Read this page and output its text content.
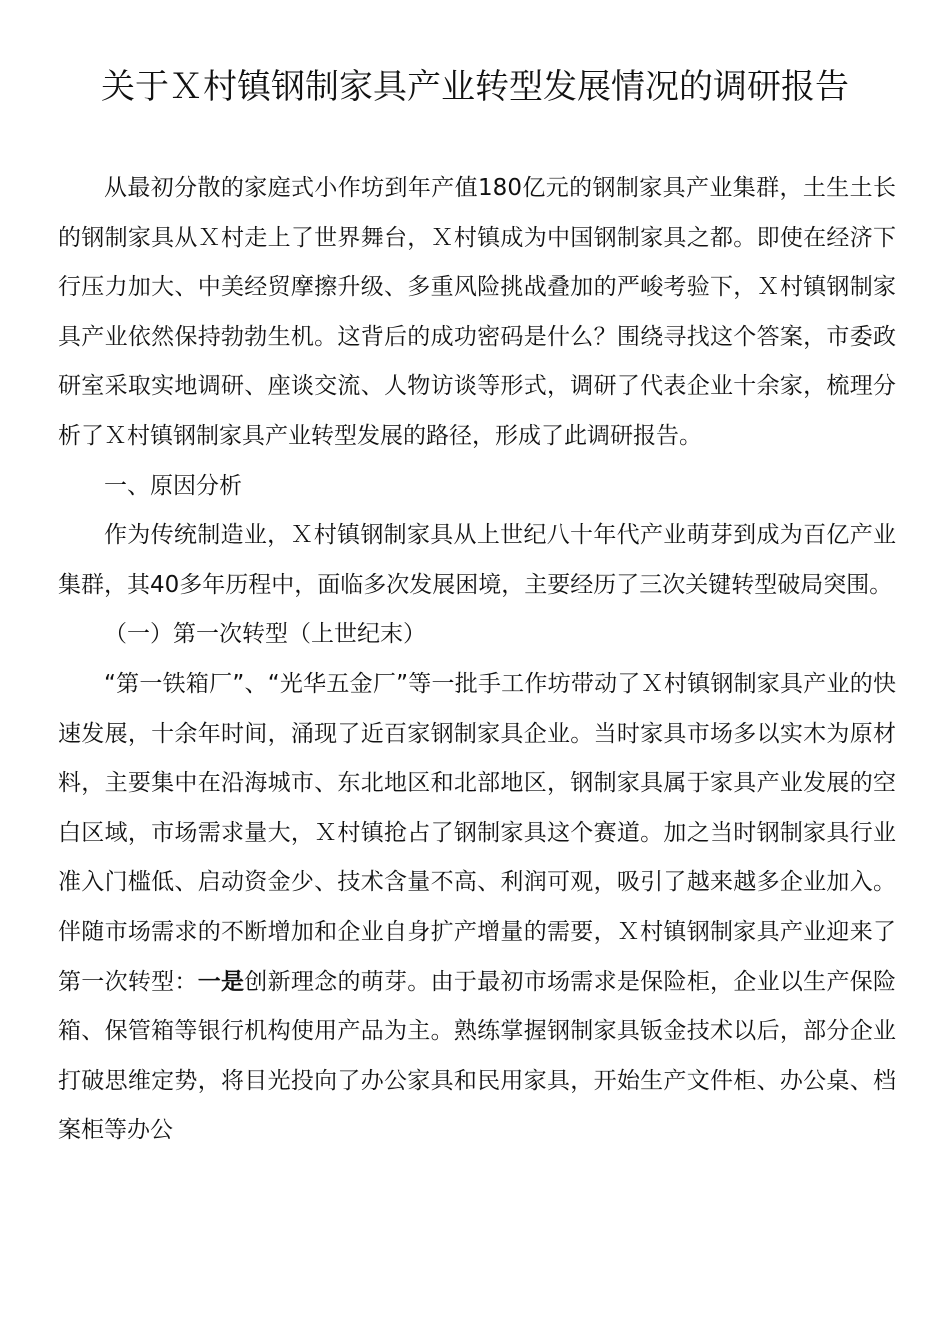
关于Ｘ村镇钢制家具产业转型发展情况的调研报告

从最初分散的家庭式小作坊到年产值180亿元的钢制家具产业集群，土生土长的钢制家具从Ｘ村走上了世界舞台，Ｘ村镇成为中国钢制家具之都。即使在经济下行压力加大、中美经贸摩擦升级、多重风险挑战叠加的严峻考验下，Ｘ村镇钢制家具产业依然保持勃勃生机。这背后的成功密码是什么？围绕寻找这个答案，市委政研室采取实地调研、座谈交流、人物访谈等形式，调研了代表企业十余家，梳理分析了Ｘ村镇钢制家具产业转型发展的路径，形成了此调研报告。

一、原因分析

作为传统制造业，Ｘ村镇钢制家具从上世纪八十年代产业萌芽到成为百亿产业集群，其40多年历程中，面临多次发展困境，主要经历了三次关键转型破局突围。

（一）第一次转型（上世纪末）

“第一铁箱厂”、“光华五金厂”等一批手工作坊带动了Ｘ村镇钢制家具产业的快速发展，十余年时间，涌现了近百家钢制家具企业。当时家具市场多以实木为原材料，主要集中在沿海城市、东北地区和北部地区，钢制家具属于家具产业发展的空白区域，市场需求量大，Ｘ村镇抢占了钢制家具这个赛道。加之当时钢制家具行业准入门槛低、启动资金少、技术含量不高、利润可观，吸引了越来越多企业加入。伴随市场需求的不断增加和企业自身扩产增量的需要，Ｘ村镇钢制家具产业迎来了第一次转型：一是创新理念的萌芽。由于最初市场需求是保险柜，企业以生产保险箱、保管箱等银行机构使用产品为主。熟练掌握钢制家具钣金技术以后，部分企业打破思维定势，将目光投向了办公家具和民用家具，开始生产文件柜、办公桌、档案柜等办公
